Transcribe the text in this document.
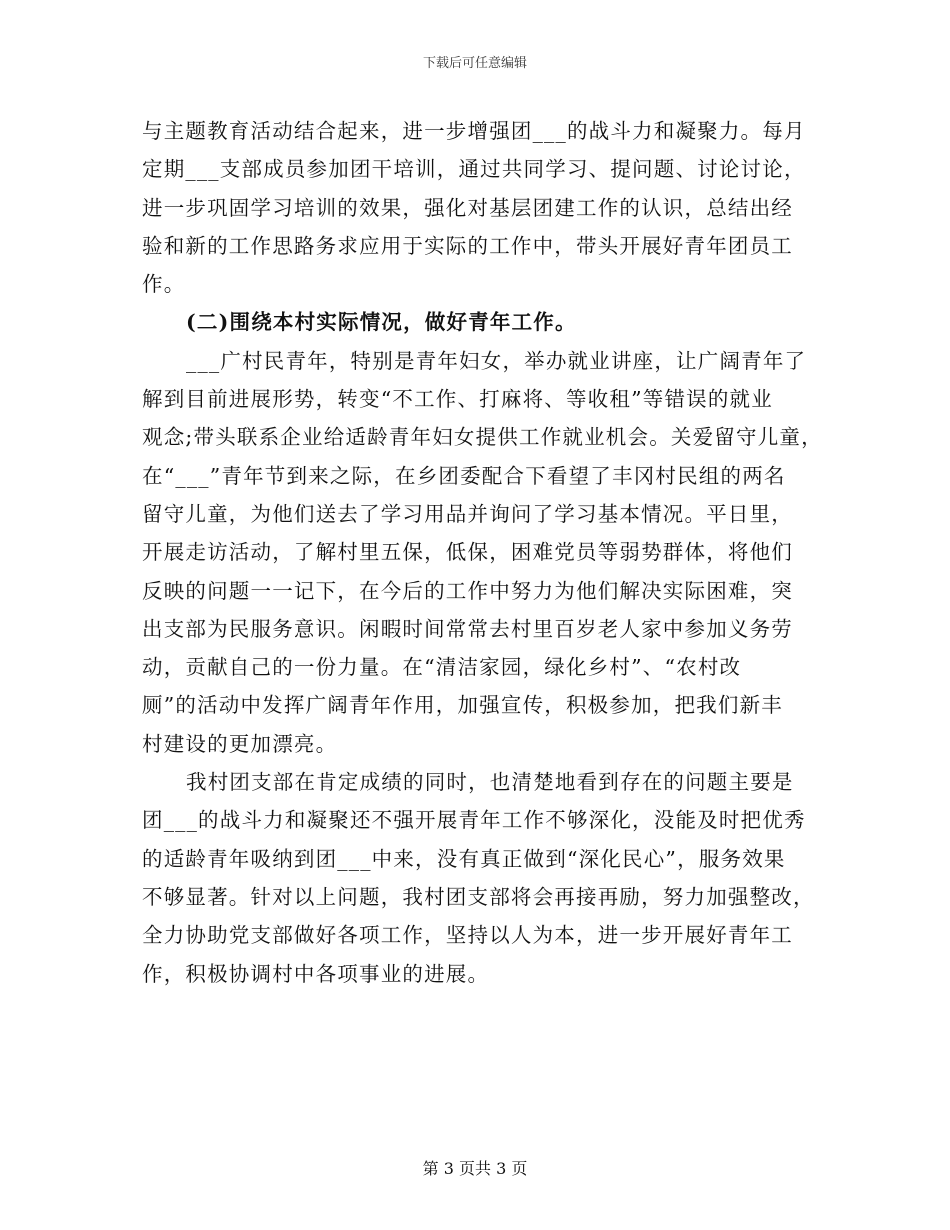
下载后可任意编辑
与主题教育活动结合起来，进一步增强团___的战斗力和凝聚力。每月
定期___支部成员参加团干培训，通过共同学习、提问题、讨论讨论，
进一步巩固学习培训的效果，强化对基层团建工作的认识，总结出经
验和新的工作思路务求应用于实际的工作中，带头开展好青年团员工
作。
(二)围绕本村实际情况，做好青年工作。
___广村民青年，特别是青年妇女，举办就业讲座，让广阔青年了
解到目前进展形势，转变“不工作、打麻将、等收租”等错误的就业
观念;带头联系企业给适龄青年妇女提供工作就业机会。关爱留守儿童，
在“___”青年节到来之际，在乡团委配合下看望了丰冈村民组的两名
留守儿童，为他们送去了学习用品并询问了学习基本情况。平日里，
开展走访活动，了解村里五保，低保，困难党员等弱势群体，将他们
反映的问题一一记下，在今后的工作中努力为他们解决实际困难，突
出支部为民服务意识。闲暇时间常常去村里百岁老人家中参加义务劳
动，贡献自己的一份力量。在“清洁家园，绿化乡村”、“农村改
厕”的活动中发挥广阔青年作用，加强宣传，积极参加，把我们新丰
村建设的更加漂亮。
我村团支部在肯定成绩的同时，也清楚地看到存在的问题主要是
团___的战斗力和凝聚还不强开展青年工作不够深化，没能及时把优秀
的适龄青年吸纳到团___中来，没有真正做到“深化民心”，服务效果
不够显著。针对以上问题，我村团支部将会再接再励，努力加强整改，
全力协助党支部做好各项工作，坚持以人为本，进一步开展好青年工
作，积极协调村中各项事业的进展。
第 3 页共 3 页
